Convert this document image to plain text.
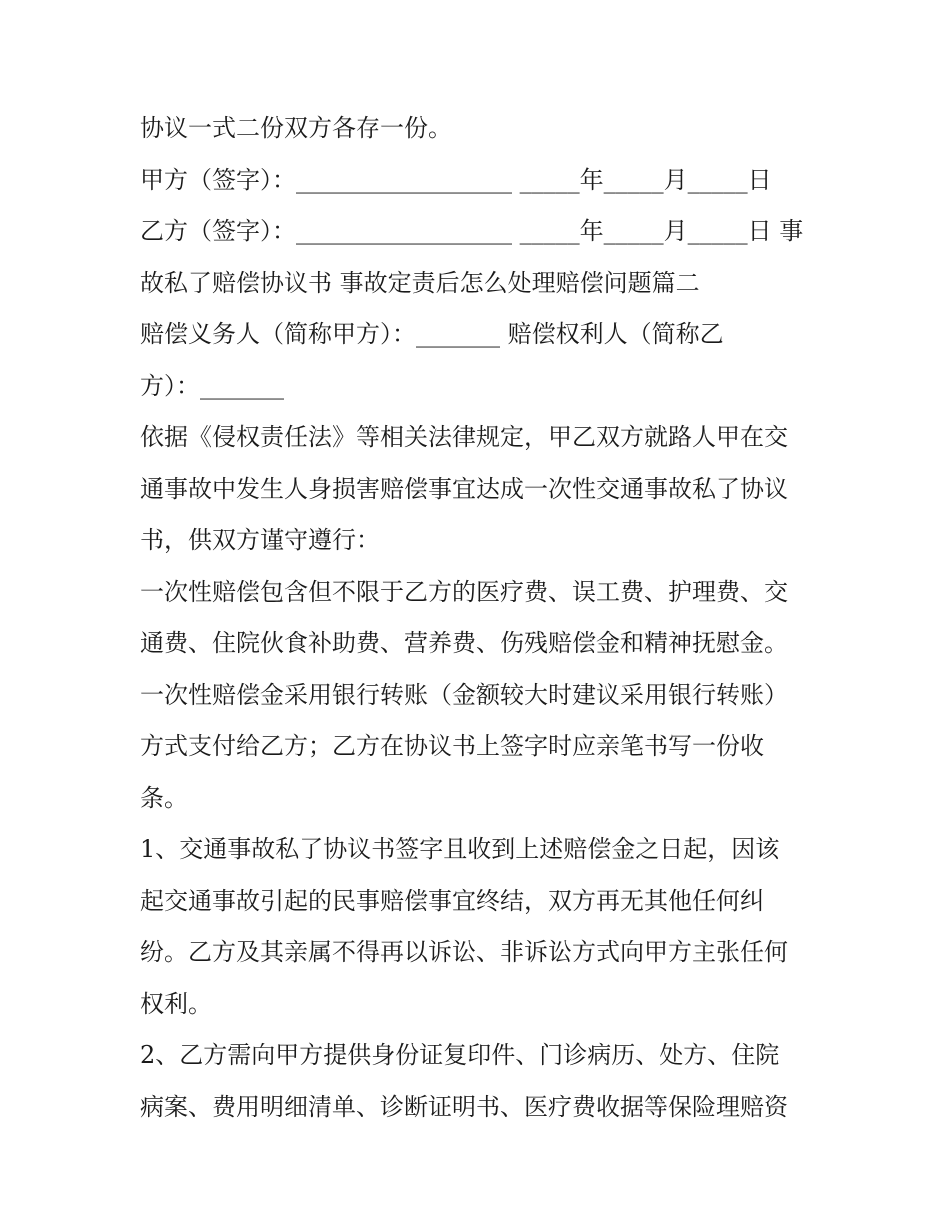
协议一式二份双方各存一份。
甲方（签字）：__________________ _____年_____月_____日
乙方（签字）：__________________ _____年_____月_____日 事
故私了赔偿协议书 事故定责后怎么处理赔偿问题篇二
赔偿义务人（简称甲方）：_______ 赔偿权利人（简称乙
方）：_______
依据《侵权责任法》等相关法律规定，甲乙双方就路人甲在交
通事故中发生人身损害赔偿事宜达成一次性交通事故私了协议
书，供双方谨守遵行：
一次性赔偿包含但不限于乙方的医疗费、误工费、护理费、交
通费、住院伙食补助费、营养费、伤残赔偿金和精神抚慰金。
一次性赔偿金采用银行转账（金额较大时建议采用银行转账）
方式支付给乙方；乙方在协议书上签字时应亲笔书写一份收
条。
1、交通事故私了协议书签字且收到上述赔偿金之日起，因该
起交通事故引起的民事赔偿事宜终结，双方再无其他任何纠
纷。乙方及其亲属不得再以诉讼、非诉讼方式向甲方主张任何
权利。
2、乙方需向甲方提供身份证复印件、门诊病历、处方、住院
病案、费用明细清单、诊断证明书、医疗费收据等保险理赔资
